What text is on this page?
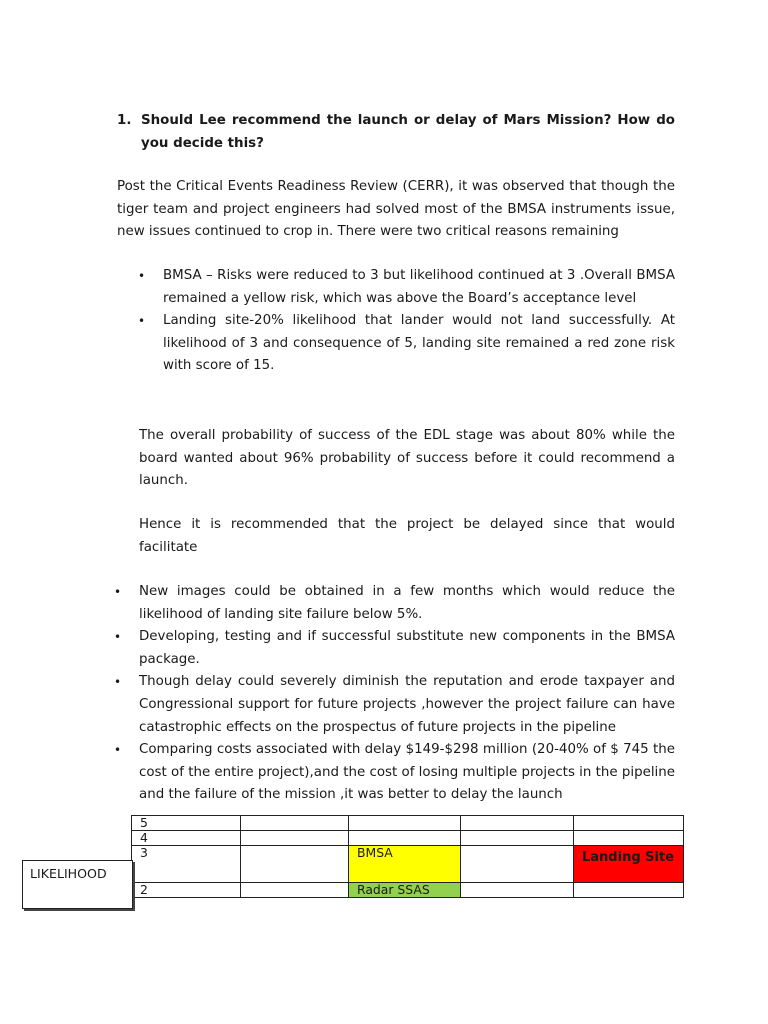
1. Should Lee recommend the launch or delay of Mars Mission? How do you decide this?

Post the Critical Events Readiness Review (CERR), it was observed that though the tiger team and project engineers had solved most of the BMSA instruments issue, new issues continued to crop in. There were two critical reasons remaining

• BMSA – Risks were reduced to 3 but likelihood continued at 3 .Overall BMSA remained a yellow risk, which was above the Board’s acceptance level
• Landing site-20% likelihood that lander would not land successfully. At likelihood of 3 and consequence of 5, landing site remained a red zone risk with score of 15.

The overall probability of success of the EDL stage was about 80% while the board wanted about 96% probability of success before it could recommend a launch.

Hence it is recommended that the project be delayed since that would facilitate

• New images could be obtained in a few months which would reduce the likelihood of landing site failure below 5%.
• Developing, testing and if successful substitute new components in the BMSA package.
• Though delay could severely diminish the reputation and erode taxpayer and Congressional support for future projects ,however the project failure can have catastrophic effects on the prospectus of future projects in the pipeline
• Comparing costs associated with delay $149-$298 million (20-40% of $ 745 the cost of the entire project),and the cost of losing multiple projects in the pipeline and the failure of the mission ,it was better to delay the launch
5				
4				
3		BMSA		Landing Site
2		Radar SSAS		
LIKELIHOOD
